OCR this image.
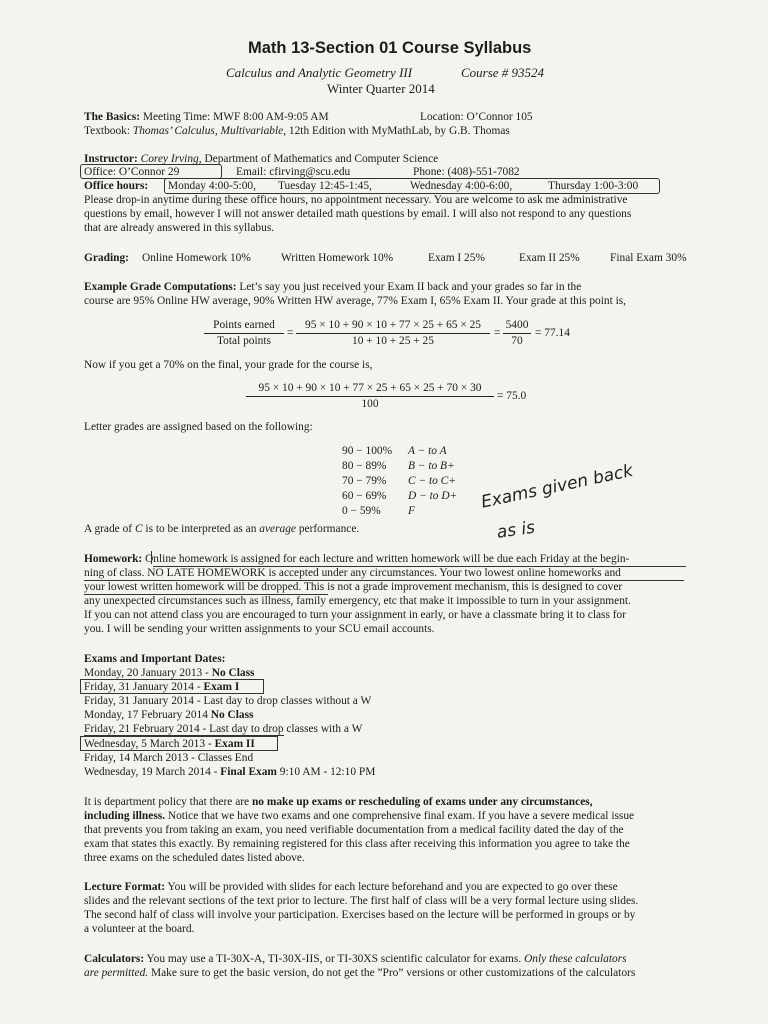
Math 13-Section 01 Course Syllabus
Calculus and Analytic Geometry III	Course # 93524
Winter Quarter 2014
The Basics: Meeting Time: MWF 8:00 AM-9:05 AM	Location: O’Connor 105
Textbook: Thomas’ Calculus, Multivariable, 12th Edition with MyMathLab, by G.B. Thomas
Instructor: Corey Irving, Department of Mathematics and Computer Science
Office: O’Connor 29	Email: cfirving@scu.edu	Phone: (408)-551-7082
Office hours: Monday 4:00-5:00, Tuesday 12:45-1:45,	Wednesday 4:00-6:00,	Thursday 1:00-3:00
Please drop-in anytime during these office hours, no appointment necessary. You are welcome to ask me administrative
questions by email, however I will not answer detailed math questions by email. I will also not respond to any questions
that are already answered in this syllabus.
Grading: Online Homework 10%	Written Homework 10%	Exam I 25%	Exam II 25%	Final Exam 30%
Example Grade Computations: Let’s say you just received your Exam II back and your grades so far in the
course are 95% Online HW average, 90% Written HW average, 77% Exam I, 65% Exam II. Your grade at this point is,
Points earned
Total points
=
95 × 10 + 90 × 10 + 77 × 25 + 65 × 25
10 + 10 + 25 + 25
=
5400
70
= 77.14
Now if you get a 70% on the final, your grade for the course is,
95 × 10 + 90 × 10 + 77 × 25 + 65 × 25 + 70 × 30
100
= 75.0
Letter grades are assigned based on the following:
90 − 100% A − to A
80 − 89% B − to B+
70 − 79% C − to C+
60 − 69% D − to D+
0 − 59% F
A grade of C is to be interpreted as an average performance.
Exams given back
as is
Homework: Online homework is assigned for each lecture and written homework will be due each Friday at the begin-
ning of class. NO LATE HOMEWORK is accepted under any circumstances. Your two lowest online homeworks and
your lowest written homework will be dropped. This is not a grade improvement mechanism, this is designed to cover
any unexpected circumstances such as illness, family emergency, etc that make it impossible to turn in your assignment.
If you can not attend class you are encouraged to turn your assignment in early, or have a classmate bring it to class for
you. I will be sending your written assignments to your SCU email accounts.
Exams and Important Dates:
Monday, 20 January 2013 - No Class
Friday, 31 January 2014 - Exam I
Friday, 31 January 2014 - Last day to drop classes without a W
Monday, 17 February 2014 No Class
Friday, 21 February 2014 - Last day to drop classes with a W
Wednesday, 5 March 2013 - Exam II
Friday, 14 March 2013 - Classes End
Wednesday, 19 March 2014 - Final Exam 9:10 AM - 12:10 PM
It is department policy that there are no make up exams or rescheduling of exams under any circumstances,
including illness. Notice that we have two exams and one comprehensive final exam. If you have a severe medical issue
that prevents you from taking an exam, you need verifiable documentation from a medical facility dated the day of the
exam that states this exactly. By remaining registered for this class after receiving this information you agree to take the
three exams on the scheduled dates listed above.
Lecture Format: You will be provided with slides for each lecture beforehand and you are expected to go over these
slides and the relevant sections of the text prior to lecture. The first half of class will be a very formal lecture using slides.
The second half of class will involve your participation. Exercises based on the lecture will be performed in groups or by
a volunteer at the board.
Calculators: You may use a TI-30X-A, TI-30X-IIS, or TI-30XS scientific calculator for exams. Only these calculators
are permitted. Make sure to get the basic version, do not get the ”Pro” versions or other customizations of the calculators
